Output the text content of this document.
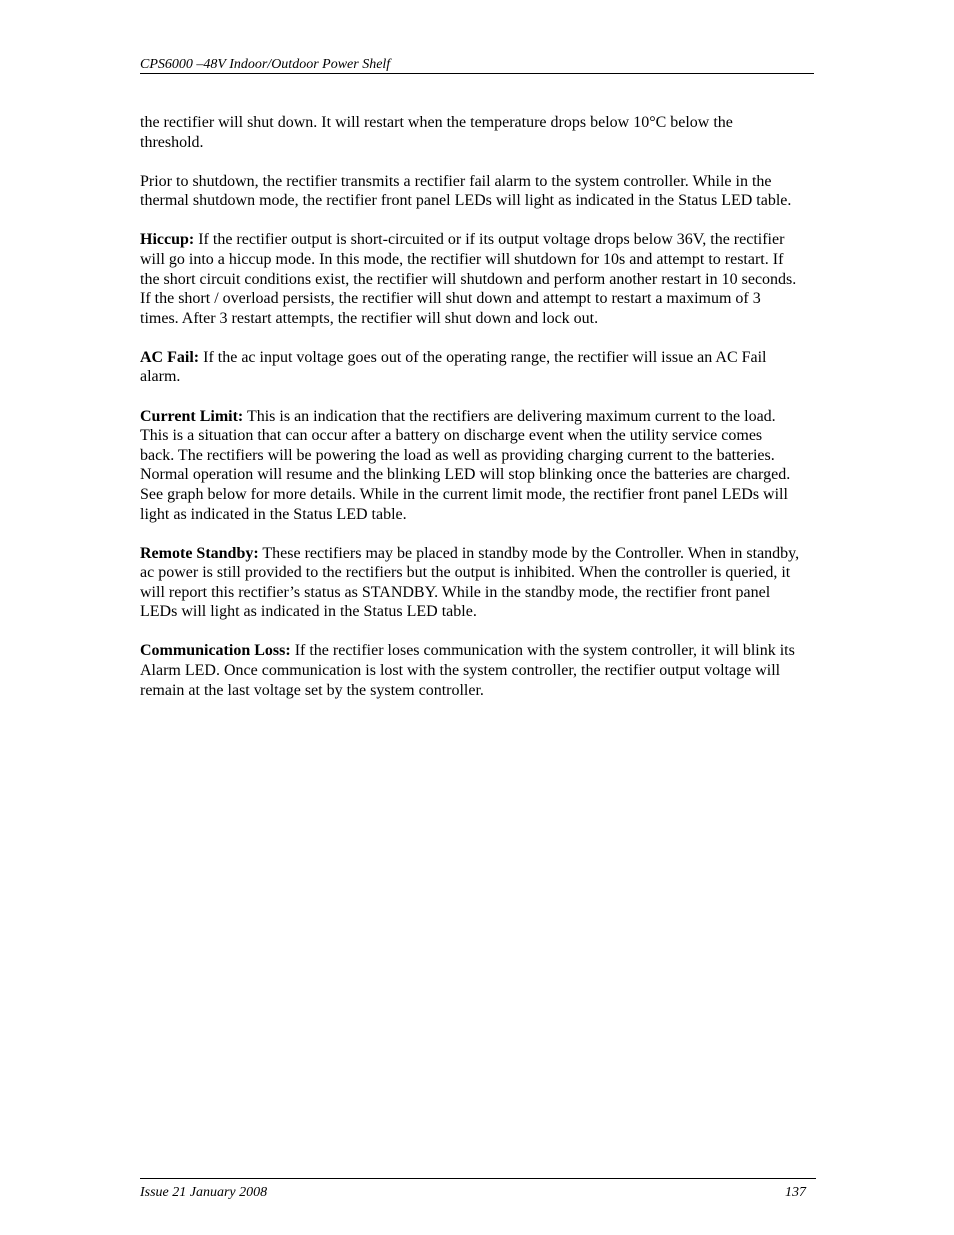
CPS6000 –48V Indoor/Outdoor Power Shelf

the rectifier will shut down. It will restart when the temperature drops below 10°C below the threshold.

Prior to shutdown, the rectifier transmits a rectifier fail alarm to the system controller. While in the thermal shutdown mode, the rectifier front panel LEDs will light as indicated in the Status LED table.

Hiccup: If the rectifier output is short-circuited or if its output voltage drops below 36V, the rectifier will go into a hiccup mode. In this mode, the rectifier will shutdown for 10s and attempt to restart. If the short circuit conditions exist, the rectifier will shutdown and perform another restart in 10 seconds. If the short / overload persists, the rectifier will shut down and attempt to restart a maximum of 3 times. After 3 restart attempts, the rectifier will shut down and lock out.

AC Fail: If the ac input voltage goes out of the operating range, the rectifier will issue an AC Fail alarm.

Current Limit: This is an indication that the rectifiers are delivering maximum current to the load. This is a situation that can occur after a battery on discharge event when the utility service comes back. The rectifiers will be powering the load as well as providing charging current to the batteries. Normal operation will resume and the blinking LED will stop blinking once the batteries are charged. See graph below for more details. While in the current limit mode, the rectifier front panel LEDs will light as indicated in the Status LED table.

Remote Standby: These rectifiers may be placed in standby mode by the Controller. When in standby, ac power is still provided to the rectifiers but the output is inhibited. When the controller is queried, it will report this rectifier’s status as STANDBY. While in the standby mode, the rectifier front panel LEDs will light as indicated in the Status LED table.

Communication Loss: If the rectifier loses communication with the system controller, it will blink its Alarm LED. Once communication is lost with the system controller, the rectifier output voltage will remain at the last voltage set by the system controller.

Issue 21 January 2008	137
